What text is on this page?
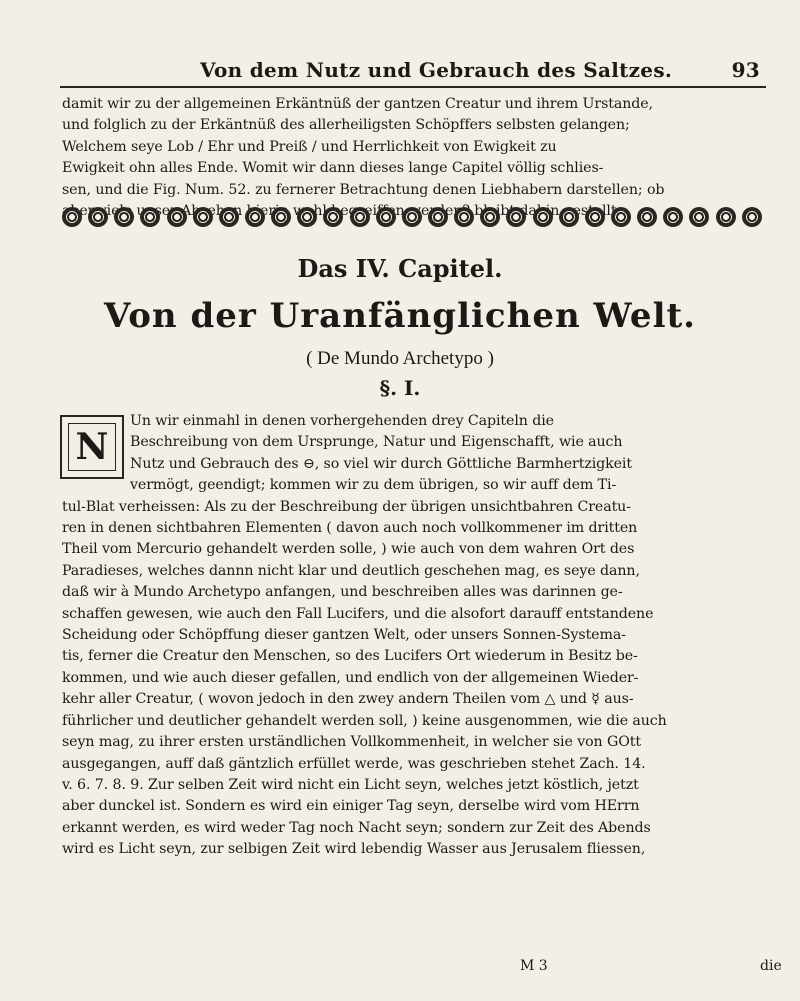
Von dem Nutz und Gebrauch des Saltzes.	93
damit wir zu der allgemeinen Erkäntnüß der gantzen Creatur und ihrem Urstande,
und folglich zu der Erkäntnüß des allerheiligsten Schöpffers selbsten gelangen;
Welchem seye Lob / Ehr und Preiß / und Herrlichkeit von Ewigkeit zu
Ewigkeit ohn alles Ende. Womit wir dann dieses lange Capitel völlig schlies-
sen, und die Fig. Num. 52. zu fernerer Betrachtung denen Liebhabern darstellen; ob
hierin
Das IV. Capitel.
Von der Uranfänglichen Welt.
( De Mundo Archetypo )
§. I.
N
Un wir einmahl in denen vorhergehenden drey Capiteln die
Beschreibung von dem Ursprunge, Natur und Eigenschafft, wie auch
Nutz und Gebrauch des ⊖, so viel wir durch Göttliche Barmhertzigkeit
vermögt, geendigt; kommen wir zu dem übrigen, so wir auff dem Ti-
tul-Blat verheissen: Als zu der Beschreibung der übrigen unsichtbahren Creatu-
ren in denen sichtbahren Elementen ( davon auch noch vollkommener im dritten
Theil vom Mercurio gehandelt werden solle, ) wie auch von dem wahren Ort des
Paradieses, welches dannn nicht klar und deutlich geschehen mag, es seye dann,
daß wir à Mundo Archetypo anfangen, und beschreiben alles was darinnen ge-
schaffen gewesen, wie auch den Fall Lucifers, und die alsofort darauff entstandene
Scheidung oder Schöpffung dieser gantzen Welt, oder unsers Sonnen-Systema-
tis, ferner die Creatur den Menschen, so des Lucifers Ort wiederum in Besitz be-
kommen, und wie auch dieser gefallen, und endlich von der allgemeinen Wieder-
kehr aller Creatur, ( wovon jedoch in den zwey andern Theilen vom △ und ☿ aus-
führlicher und deutlicher gehandelt werden soll, ) keine ausgenommen, wie die auch
seyn mag, zu ihrer ersten urständlichen Vollkommenheit, in welcher sie von GOtt
ausgegangen, auff daß gäntzlich erfüllet werde, was geschrieben stehet Zach. 14.
v. 6. 7. 8. 9. Zur selben Zeit wird nicht ein Licht seyn, welches jetzt köstlich, jetzt
aber dunckel ist. Sondern es wird ein einiger Tag seyn, derselbe wird vom HErrn
erkannt werden, es wird weder Tag noch Nacht seyn; sondern zur Zeit des Abends
wird es Licht seyn, zur selbigen Zeit wird lebendig Wasser aus Jerusalem fliessen,
M 3	die
